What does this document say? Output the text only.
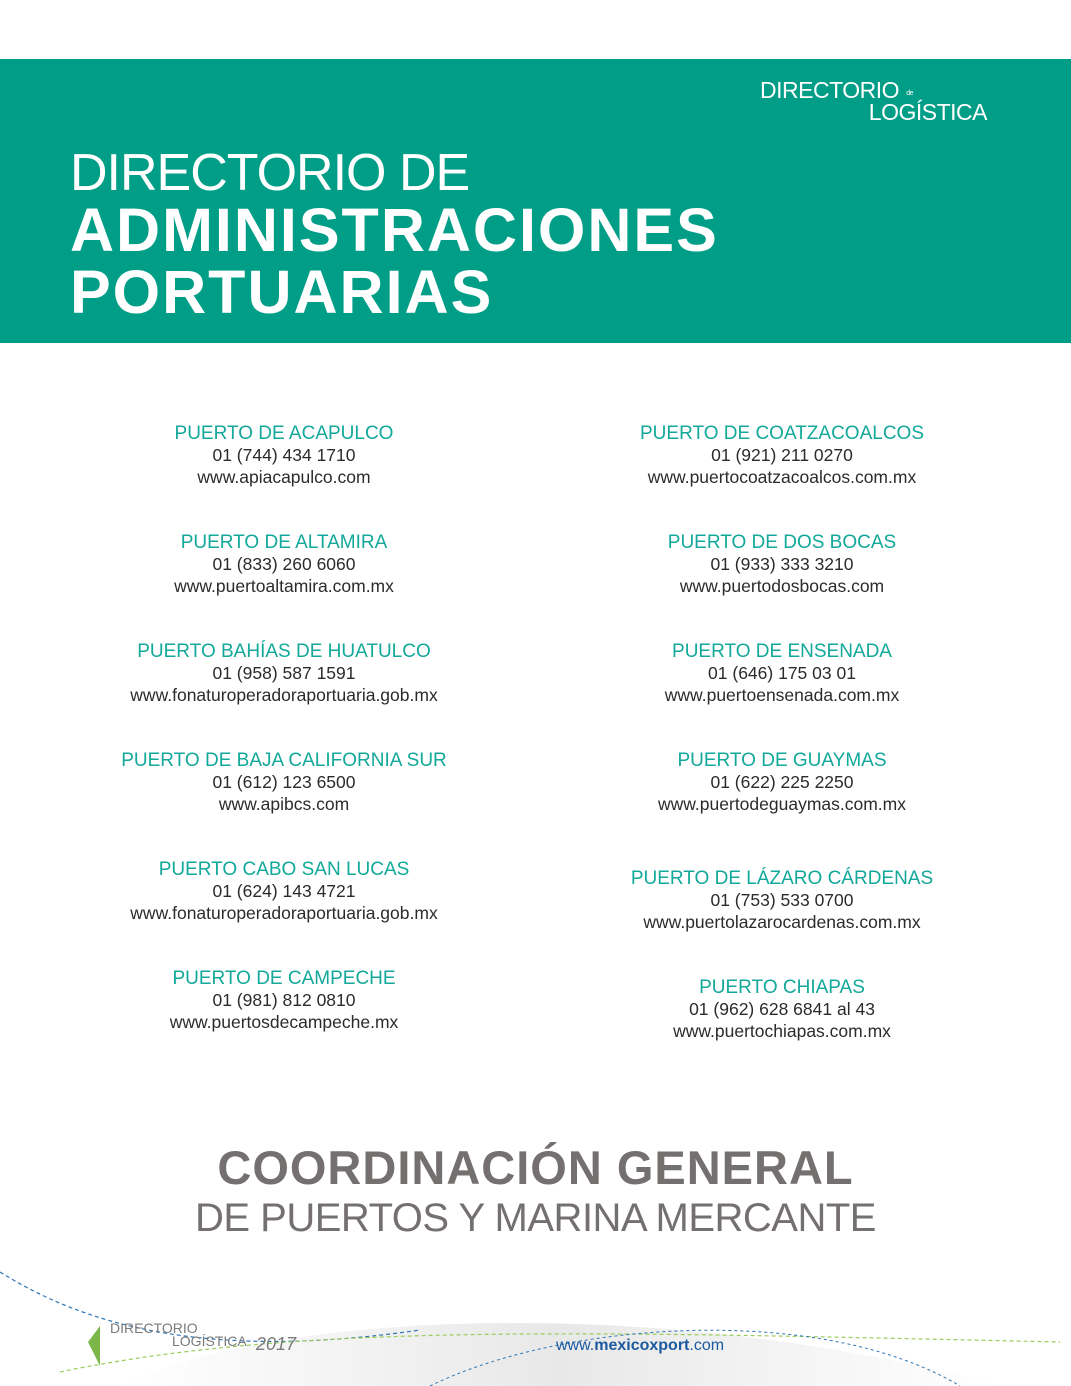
DIRECTORIO de
LOGÍSTICA
DIRECTORIO DE
ADMINISTRACIONES
PORTUARIAS
PUERTO DE ACAPULCO
01 (744) 434 1710
www.apiacapulco.com
PUERTO DE ALTAMIRA
01 (833) 260 6060
www.puertoaltamira.com.mx
PUERTO BAHÍAS DE HUATULCO
01 (958) 587 1591
www.fonaturoperadoraportuaria.gob.mx
PUERTO DE BAJA CALIFORNIA SUR
01 (612) 123 6500
www.apibcs.com
PUERTO CABO SAN LUCAS
01 (624) 143 4721
www.fonaturoperadoraportuaria.gob.mx
PUERTO DE CAMPECHE
01 (981) 812 0810
www.puertosdecampeche.mx
PUERTO DE COATZACOALCOS
01 (921) 211 0270
www.puertocoatzacoalcos.com.mx
PUERTO DE DOS BOCAS
01 (933) 333 3210
www.puertodosbocas.com
PUERTO DE ENSENADA
01 (646) 175 03 01
www.puertoensenada.com.mx
PUERTO DE GUAYMAS
01 (622) 225 2250
www.puertodeguaymas.com.mx
PUERTO DE LÁZARO CÁRDENAS
01 (753) 533 0700
www.puertolazarocardenas.com.mx
PUERTO CHIAPAS
01 (962) 628 6841 al 43
www.puertochiapas.com.mx
COORDINACIÓN GENERAL
DE PUERTOS Y MARINA MERCANTE
DIRECTORIO
LOGÍSTICA 2017	www.mexicoxport.com
